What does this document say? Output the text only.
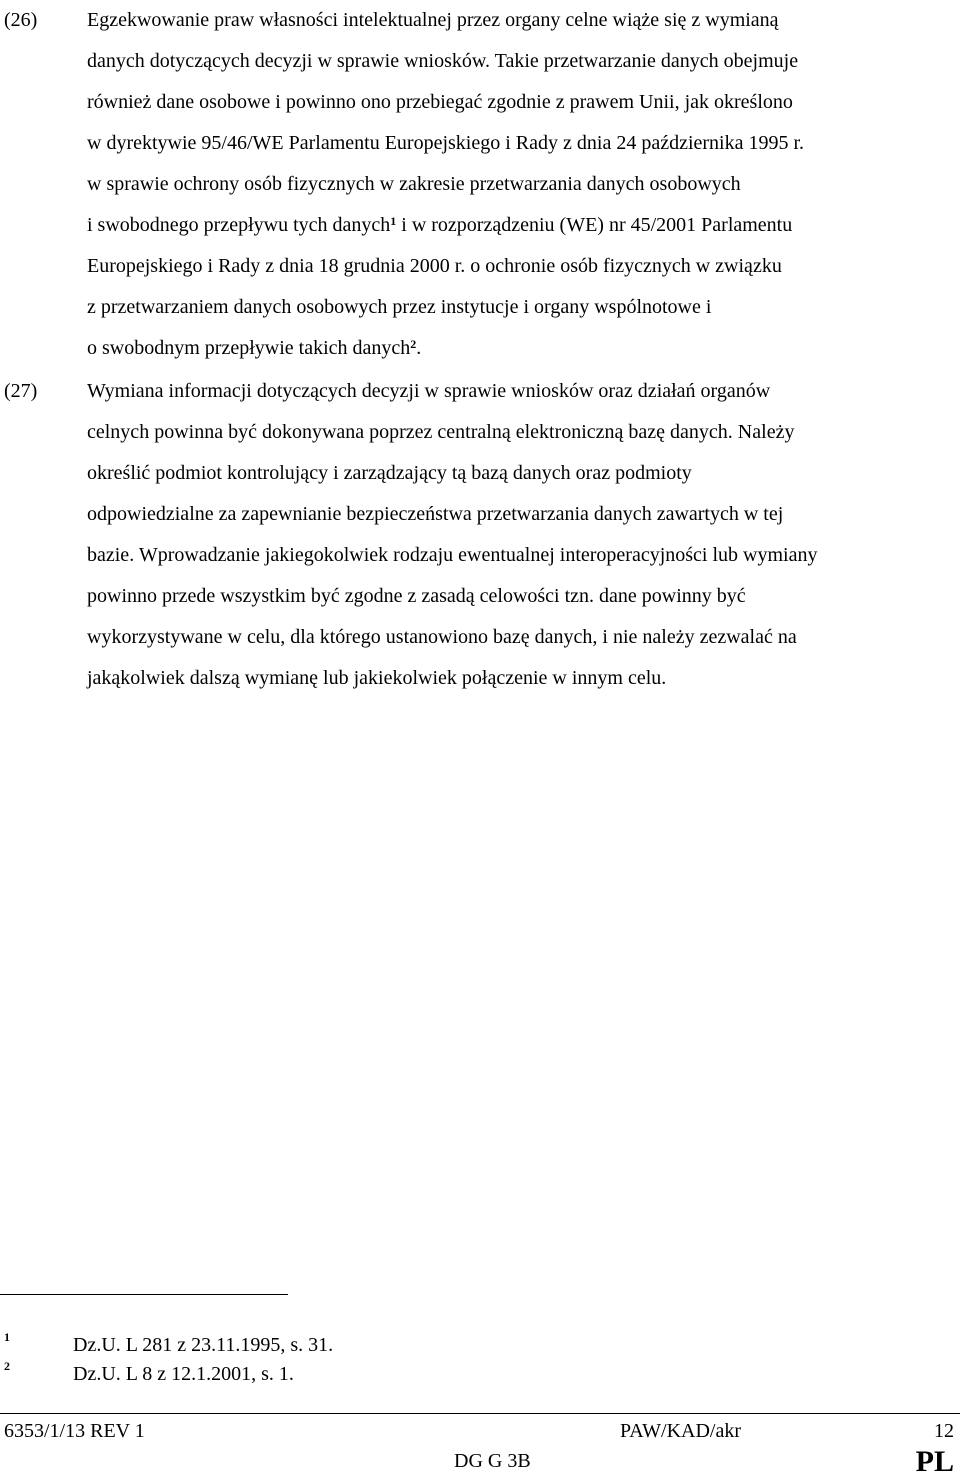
(26) Egzekwowanie praw własności intelektualnej przez organy celne wiąże się z wymianą
danych dotyczących decyzji w sprawie wniosków. Takie przetwarzanie danych obejmuje
również dane osobowe i powinno ono przebiegać zgodnie z prawem Unii, jak określono
w dyrektywie 95/46/WE Parlamentu Europejskiego i Rady z dnia 24 października 1995 r.
w sprawie ochrony osób fizycznych w zakresie przetwarzania danych osobowych
i swobodnego przepływu tych danych$^1$ i w rozporządzeniu (WE) nr 45/2001 Parlamentu
Europejskiego i Rady z dnia 18 grudnia 2000 r. o ochronie osób fizycznych w związku
z przetwarzaniem danych osobowych przez instytucje i organy wspólnotowe i
o swobodnym przepływie takich danych$^2$.
(27) Wymiana informacji dotyczących decyzji w sprawie wniosków oraz działań organów
celnych powinna być dokonywana poprzez centralną elektroniczną bazę danych. Należy
określić podmiot kontrolujący i zarządzający tą bazą danych oraz podmioty
odpowiedzialne za zapewnianie bezpieczeństwa przetwarzania danych zawartych w tej
bazie. Wprowadzanie jakiegokolwiek rodzaju ewentualnej interoperacyjności lub wymiany
powinno przede wszystkim być zgodne z zasadą celowości tzn. dane powinny być
wykorzystywane w celu, dla którego ustanowiono bazę danych, i nie należy zezwalać na
jakąkolwiek dalszą wymianę lub jakiekolwiek połączenie w innym celu.
1	Dz.U. L 281 z 23.11.1995, s. 31.
2	Dz.U. L 8 z 12.1.2001, s. 1.
6353/1/13 REV 1	PAW/KAD/akr	12
DG G 3B	PL
